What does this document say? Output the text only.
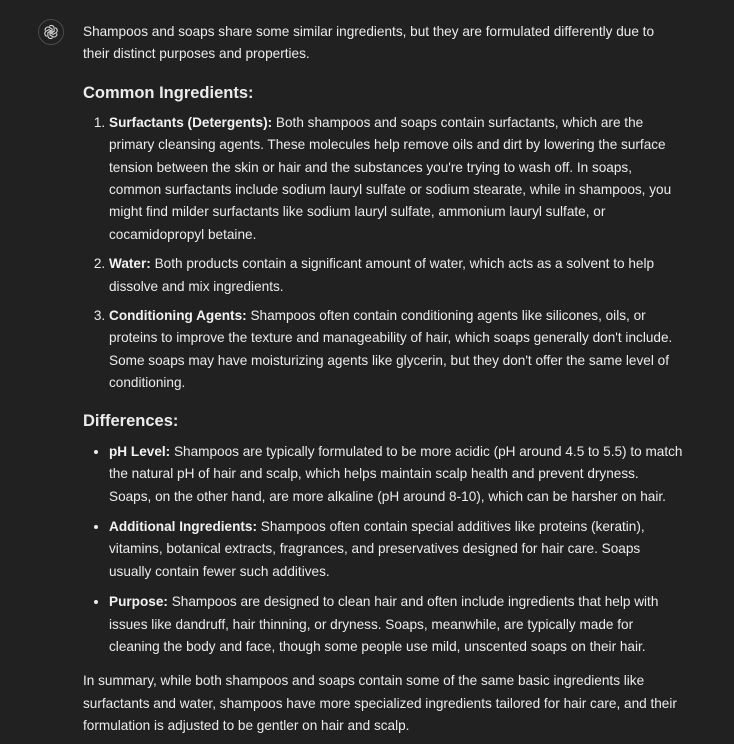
Shampoos and soaps share some similar ingredients, but they are formulated differently due to their distinct purposes and properties.

Common Ingredients:
1. Surfactants (Detergents): Both shampoos and soaps contain surfactants, which are the primary cleansing agents. These molecules help remove oils and dirt by lowering the surface tension between the skin or hair and the substances you're trying to wash off. In soaps, common surfactants include sodium lauryl sulfate or sodium stearate, while in shampoos, you might find milder surfactants like sodium lauryl sulfate, ammonium lauryl sulfate, or cocamidopropyl betaine.
2. Water: Both products contain a significant amount of water, which acts as a solvent to help dissolve and mix ingredients.
3. Conditioning Agents: Shampoos often contain conditioning agents like silicones, oils, or proteins to improve the texture and manageability of hair, which soaps generally don't include. Some soaps may have moisturizing agents like glycerin, but they don't offer the same level of conditioning.
Differences:
• pH Level: Shampoos are typically formulated to be more acidic (pH around 4.5 to 5.5) to match the natural pH of hair and scalp, which helps maintain scalp health and prevent dryness. Soaps, on the other hand, are more alkaline (pH around 8-10), which can be harsher on hair.
• Additional Ingredients: Shampoos often contain special additives like proteins (keratin), vitamins, botanical extracts, fragrances, and preservatives designed for hair care. Soaps usually contain fewer such additives.
• Purpose: Shampoos are designed to clean hair and often include ingredients that help with issues like dandruff, hair thinning, or dryness. Soaps, meanwhile, are typically made for cleaning the body and face, though some people use mild, unscented soaps on their hair.

In summary, while both shampoos and soaps contain some of the same basic ingredients like surfactants and water, shampoos have more specialized ingredients tailored for hair care, and their formulation is adjusted to be gentler on hair and scalp.
